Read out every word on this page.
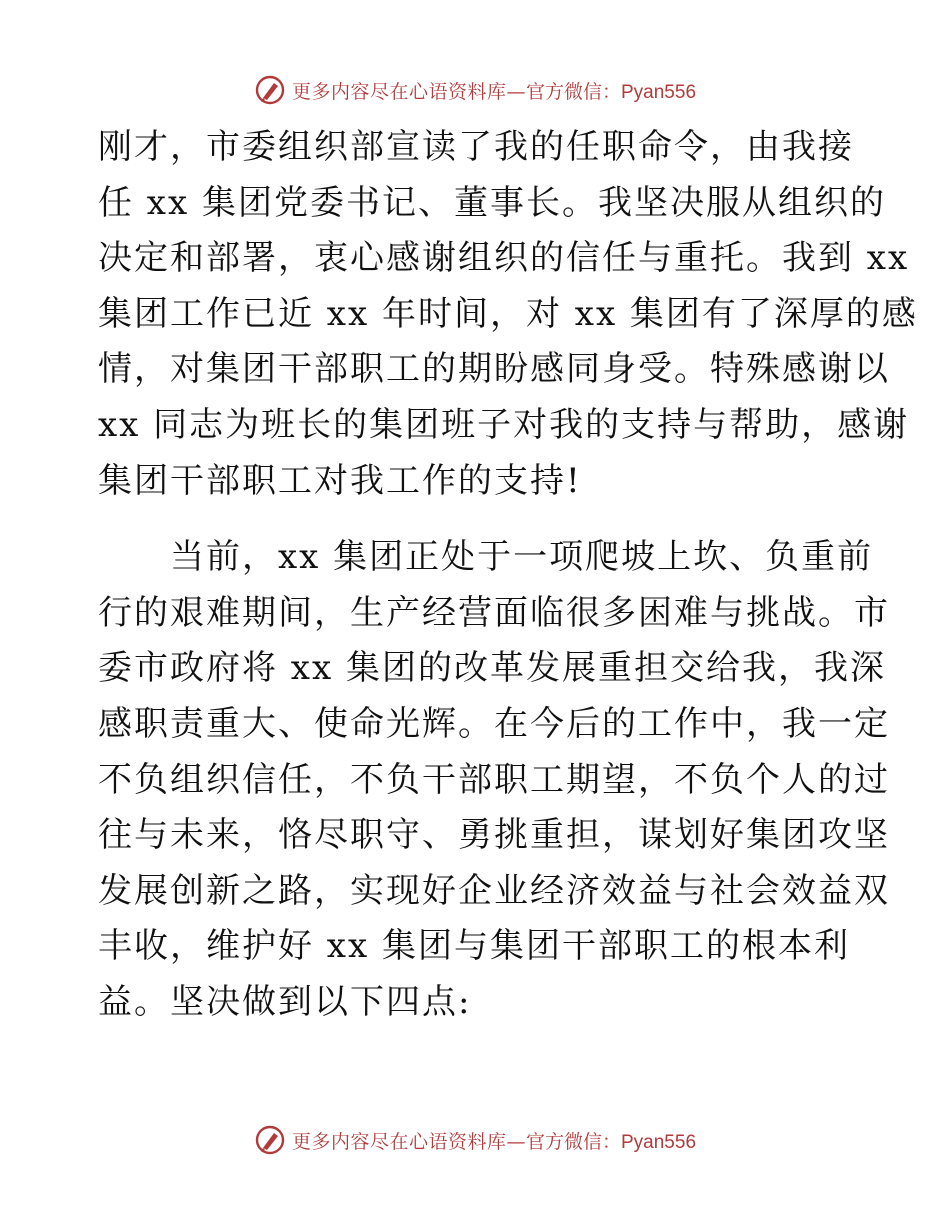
更多内容尽在心语资料库— 官方微信：Pyan556
刚才，市委组织部宣读了我的任职命令，由我接
任 xx 集团党委书记、董事长。我坚决服从组织的
决定和部署，衷心感谢组织的信任与重托。我到 xx
集团工作已近 xx 年时间，对 xx 集团有了深厚的感
情，对集团干部职工的期盼感同身受。特殊感谢以
xx 同志为班长的集团班子对我的支持与帮助，感谢
集团干部职工对我工作的支持!
　　当前，xx 集团正处于一项爬坡上坎、负重前
行的艰难期间，生产经营面临很多困难与挑战。市
委市政府将 xx 集团的改革发展重担交给我，我深
感职责重大、使命光辉。在今后的工作中，我一定
不负组织信任，不负干部职工期望，不负个人的过
往与未来，恪尽职守、勇挑重担，谋划好集团攻坚
发展创新之路，实现好企业经济效益与社会效益双
丰收，维护好 xx 集团与集团干部职工的根本利
益。坚决做到以下四点:
更多内容尽在心语资料库— 官方微信：Pyan556
